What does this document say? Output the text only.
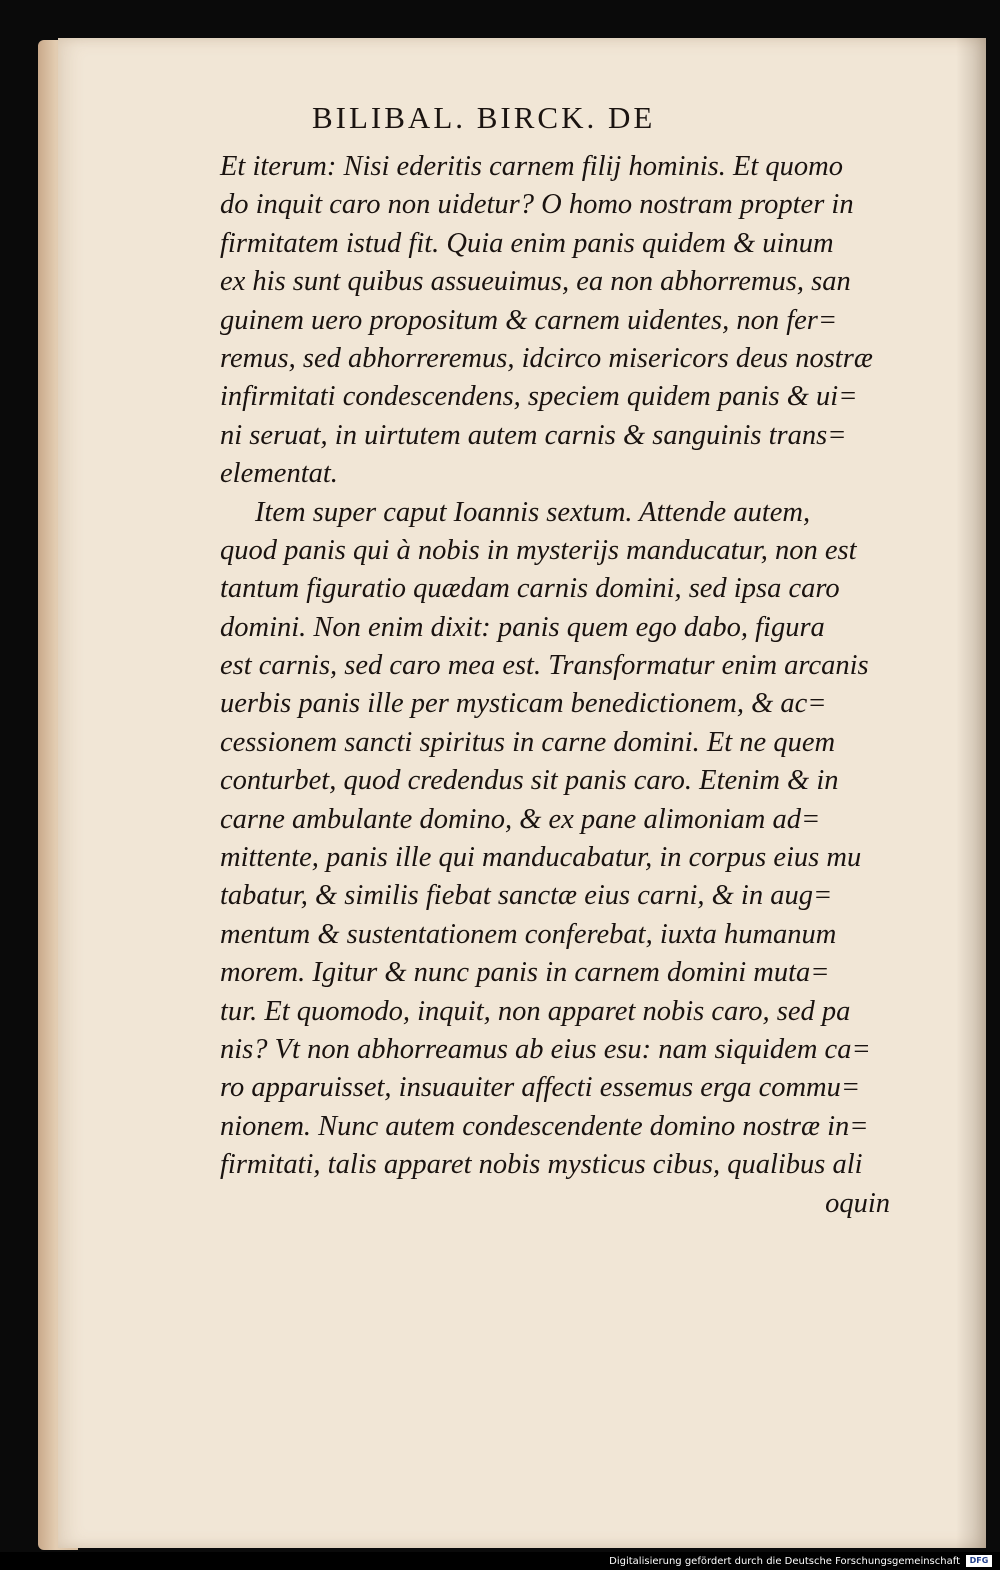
BILIBAL. BIRCK. DE
Et iterum: Nisi ederitis carnem filij hominis. Et quomo
do inquit caro non uidetur? O homo nostram propter in
firmitatem istud fit. Quia enim panis quidem & uinum
ex his sunt quibus assueuimus, ea non abhorremus, san
guinem uero propositum & carnem uidentes, non fer=
remus, sed abhorreremus, idcirco misericors deus nostræ
infirmitati condescendens, speciem quidem panis & ui=
ni seruat, in uirtutem autem carnis & sanguinis trans=
elementat.
Item super caput Ioannis sextum. Attende autem,
quod panis qui à nobis in mysterijs manducatur, non est
tantum figuratio quædam carnis domini, sed ipsa caro
domini. Non enim dixit: panis quem ego dabo, figura
est carnis, sed caro mea est. Transformatur enim arcanis
uerbis panis ille per mysticam benedictionem, & ac=
cessionem sancti spiritus in carne domini. Et ne quem
conturbet, quod credendus sit panis caro. Etenim & in
carne ambulante domino, & ex pane alimoniam ad=
mittente, panis ille qui manducabatur, in corpus eius mu
tabatur, & similis fiebat sanctæ eius carni, & in aug=
mentum & sustentationem conferebat, iuxta humanum
morem. Igitur & nunc panis in carnem domini muta=
tur. Et quomodo, inquit, non apparet nobis caro, sed pa
nis? Vt non abhorreamus ab eius esu: nam siquidem ca=
ro apparuisset, insuauiter affecti essemus erga commu=
nionem. Nunc autem condescendente domino nostræ in=
firmitati, talis apparet nobis mysticus cibus, qualibus ali
oquin
Digitalisierung gefördert durch die Deutsche Forschungsgemeinschaft	DFG
